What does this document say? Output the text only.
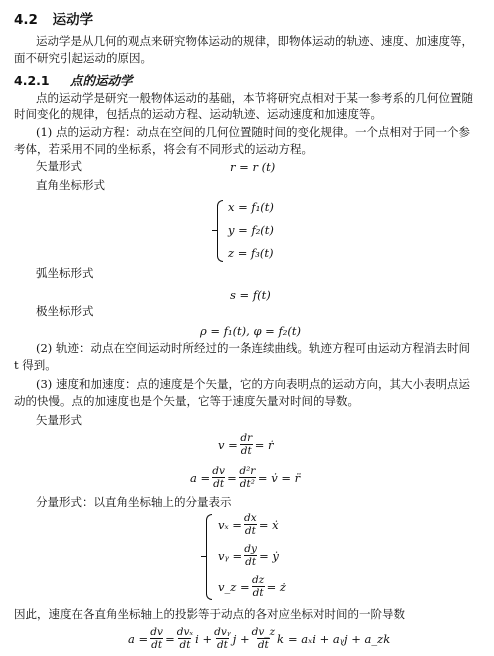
4.2 运动学
运动学是从几何的观点来研究物体运动的规律，即物体运动的轨迹、速度、加速度等，
面不研究引起运动的原因。
4.2.1 点的运动学
点的运动学是研究一般物体运动的基础，本节将研究点相对于某一参考系的几何位置随
时间变化的规律，包括点的运动方程、运动轨迹、运动速度和加速度等。
(1) 点的运动方程：动点在空间的几何位置随时间的变化规律。一个点相对于同一个参
考体，若采用不同的坐标系，将会有不同形式的运动方程。
矢量形式	r = r (t)
直角坐标形式
x = f₁(t)
y = f₂(t)
z = f₃(t)
弧坐标形式
s = f(t)
极坐标形式
ρ = f₁(t), φ = f₂(t)
(2) 轨迹：动点在空间运动时所经过的一条连续曲线。轨迹方程可由运动方程消去时间
t 得到。
(3) 速度和加速度：点的速度是个矢量，它的方向表明点的运动方向，其大小表明点运
动的快慢。点的加速度也是个矢量，它等于速度矢量对时间的导数。
矢量形式
$v = \frac{dr}{dt}$ = ṙ
$a = \frac{dv}{dt} = \frac{\text{d²r}}{\text{dt²}}$ = v̇ = r̈
分量形式：以直角坐标轴上的分量表示
$v_x = \frac{dx}{dt}$ = ẋ
vᵧ = $\frac{dy}{dt}$ = ẏ
v_z = $\frac{dz}{dt}$ = ż
因此，速度在各直角坐标轴上的投影等于动点的各对应坐标对时间的一阶导数
$a = \frac{dv}{dt} = \frac{\text{dvₓ}}{dt}$ $i + \frac{\text{dvᵧ}}{dt}$ $j + \frac{dv\_z}{dt}$ k = aₓi + aᵧj + a_zk
